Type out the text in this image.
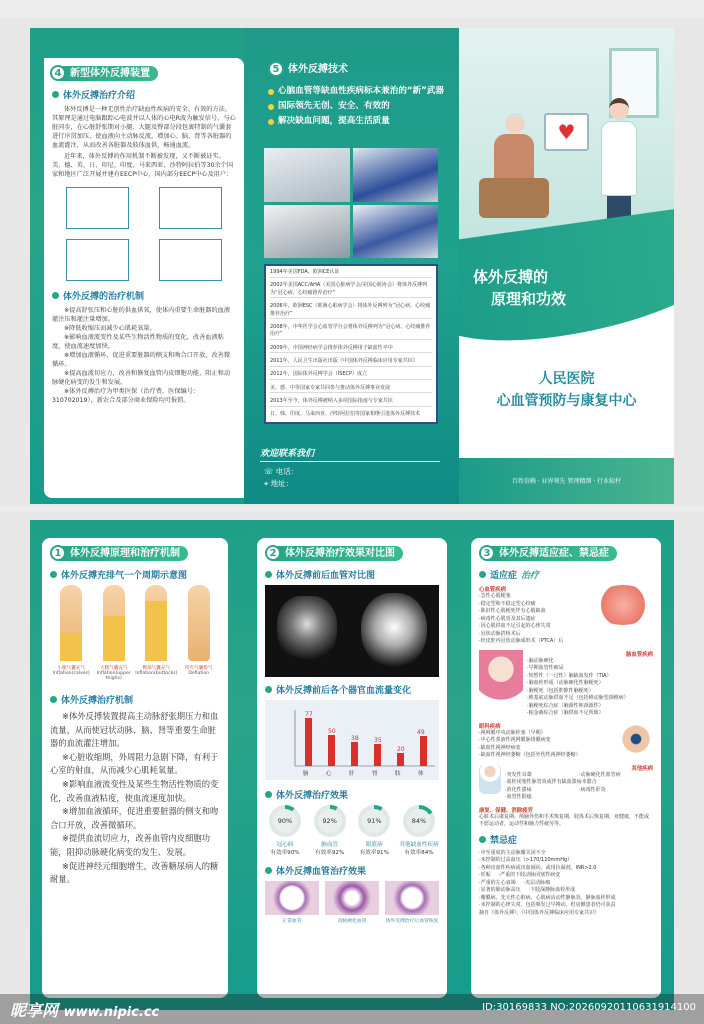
4 新型体外反搏装置
体外反搏治疗介绍

体外反搏是一种无创性治疗缺血性疾病的安全、有效的方法。其原理是通过电脑跟踪心电波并以人体的心电R波为触发信号，与心脏同步，在心脏舒张期对小腿、大腿及臀部分段包裹特制的气囊套进行序贯加压，使血液向主动脉反流，增加心、脑、肾等各脏器的血流灌注，从而改善各脏器及肢体血供，畅通血流。

近年来，体外反搏的作用机制不断被发现，又不断被证实。美、德、英、日、印尼、印度、马来西亚、沙特阿拉伯等30余个国家和地区广泛开展并建有EECP中心，国内部分EECP中心及用户：

体外反搏的治疗机制

※提高舒张压和心脏的供血供氧，使体内重要生命脏器的血液灌注压和灌注量增加。

※降低收缩压而减少心肌耗氧量。

※影响血液流变性及某些生物活性物质的变化，改善血液粘度，使血流速度加快。

※增加血液循环，促进重要脏器的侧支和吻合口开放，改善微循环。

※提高血流切应力，改善和修复血管内皮细胞功能，阻止和动脉硬化病变的发生和发展。

※体外反搏治疗为甲类医保（治疗费，医保编号：310702019），新农合及部分商业保险均可报销。

5 体外反搏技术
心脑血管等缺血性疾病标本兼治的“新”武器
国际领先无创、安全、有效的
解决缺血问题，提高生活质量
1994年美国FDA、欧洲CE认证
2002年美国ACC/AHA（美国心脏病学会/美国心脏协会）将体外反搏列为“冠心病、心绞痛推荐治疗”
2006年，欧洲ESC（欧洲心脏病学会）将体外反搏列为“冠心病、心绞痛推荐治疗”
2008年，中华医学会心血管学分会将体外反搏列为“冠心病、心绞痛推荐治疗”
2009年，中国神经病学会推荐体外反搏用于缺血性卒中
2011年，人民卫生出版社出版《中国体外反搏临床应用专家共识》
2012年，国际体外反搏学会（ISECP）成立
美、德、中等国家专家共同参与推动体外反搏事业发展
2013年至今，体外反搏被纳入多项国际指南与专家共识
日、韩、印度、马来西亚、沙特阿拉伯等国家相继引进体外反搏技术
欢迎联系我们
☏ 电话：
⌖ 地址：
♥
体外反搏的
原理和功效
人民医院
心血管预防与康复中心
百姓信赖 · 业界领先 管理精细 · 行业标杆
1 体外反搏原理和治疗机制
体外反搏充排气一个周期示意图
小腿气囊充气
Inflation(calves)
大腿气囊充气
Inflation(upper thighs)
臀部气囊充气
Inflation(buttocks)
所有气囊排气
Deflation
体外反搏治疗机制

※体外反搏装置提高主动脉舒张期压力和血流量，从而使冠状动脉、脑、肾等重要生命脏器的血流灌注增加。

※心脏收缩期，外周阻力急剧下降，有利于心室的射血，从而减少心肌耗氧量。

※影响血液流变性及某些生物活性物质的变化，改善血液粘度，使血流速度加快。

※增加血液循环，促进重要脏器的侧支和吻合口开放，改善微循环。

※提供血流切应力，改善血管内皮细胞功能，阻抑动脉硬化病变的发生、发展。

※促进神经元细胞增生，改善糖尿病人的糖耐量。

2 体外反搏治疗效果对比图
体外反搏前后血管对比图
体外反搏前后各个器官血流量变化
77
50
38	35
20
49
脑	心	肝	肾	肢	体
体外反搏治疗效果
90%
冠心病
有效率90%
92%
脑血管
有效率92%
91%
眼底病
有效率91%
84%
其他缺血性疾病
有效率84%
体外反搏血管治疗效果
正常血管	动脉硬化血管	体外反搏治疗后血管恢复
3 体外反搏适应症、禁忌症
适应症 治疗
心血管疾病
·急性心肌梗塞
·稳定型和不稳定型心绞痛
·陈旧性心肌梗死伴有心肌缺血
·病毒性心肌炎及其后遗症
·因心肌供血不足引起的心律失常
·冠状动脉搭桥术后
·经皮腔内冠状动脉成形术（PTCA）后
脑血管疾病
·脑动脉硬化
·早期血管性痴呆
·短暂性（一过性）脑缺血发作（TIA）
·脑血栓形成（动脉硬化性脑梗死）
·脑梗死（包括腔隙性脑梗死）
·椎基底动脉供血不足（包括椎动脉型颈椎病）
·脑梗死综合症（脑源性和颈源性）
·帕金森综合症（脑供血不足所致）
眼科疾病
·视网膜中央动脉栓塞（早期）
·中心性浆液性视网膜脉络膜病变
·缺血性视神经病变
·缺血性视神经萎缩（包括外伤性视神经萎缩）
其他疾病
·突发性耳聋	·动脉硬化性血管病
·血栓闭塞性脉管炎或伴有缺血溃疡未愈合
·消化性溃疡	·病毒性肝炎
·血管性阳痿
康复、保健、消除疲劳
心脏术后康复期，颅脑外伤和手术恢复期，肢体术后恢复期，亚健康，不能或不愿运动者，运动性和脑力性疲劳等。
禁忌症
·中至重度的主动脉瓣关闭不全
·未控制的过高血压（>170/110mmHg）
·各种出血性疾病或出血倾向，或用抗凝剂，INR>2.0
·妊娠 ·严重的下肢动脉闭塞性病变
·严重的左心衰竭 ·夹层动脉瘤
·显著的肺动脉高压 ·下肢深静脉血栓形成
·瓣膜病、先天性心脏病、心肌病活动性静脉炎、静脉血栓形成
·未控制的心律失常，包括频发过早搏动，但房颤患者仍可获益
摘自《体外反搏》，《中国体外反搏临床应用专家共识》
昵享网 www.nipic.cc	ID:30169833 NO:20260920110631914100
